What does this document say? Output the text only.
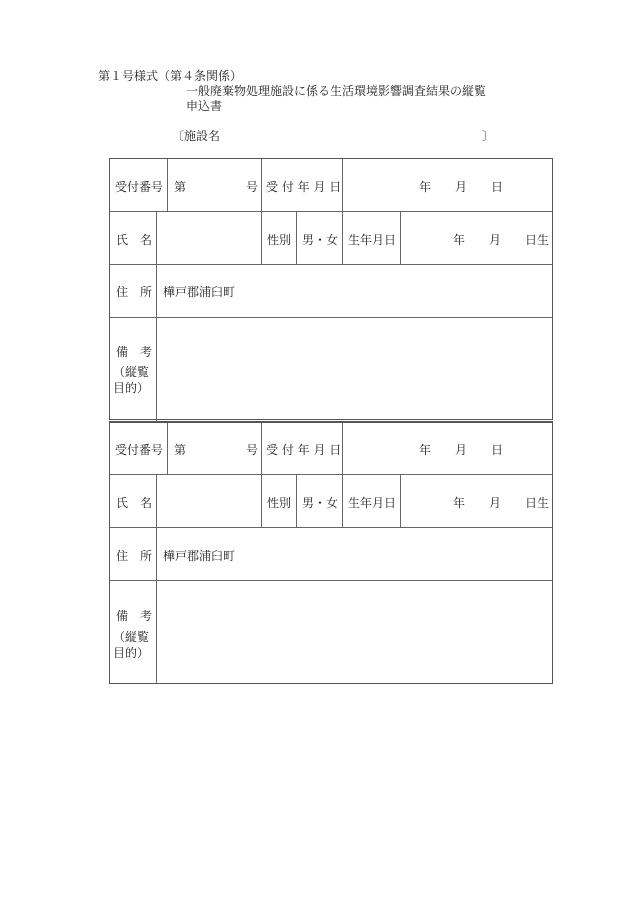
第１号様式（第４条関係）
一般廃棄物処理施設に係る生活環境影響調査結果の縦覧
申込書
〔施設名	〕
受付番号 第	号 受 付 年 月 日	年　　月　　日
氏　名	性別 男・女 生年月日	年　　月　　日生
住　所 樺戸郡浦臼町
備　考
（縦覧
目的）
受付番号 第	号 受 付 年 月 日	年　　月　　日
氏　名	性別 男・女 生年月日	年　　月　　日生
住　所 樺戸郡浦臼町
備　考
（縦覧
目的）
